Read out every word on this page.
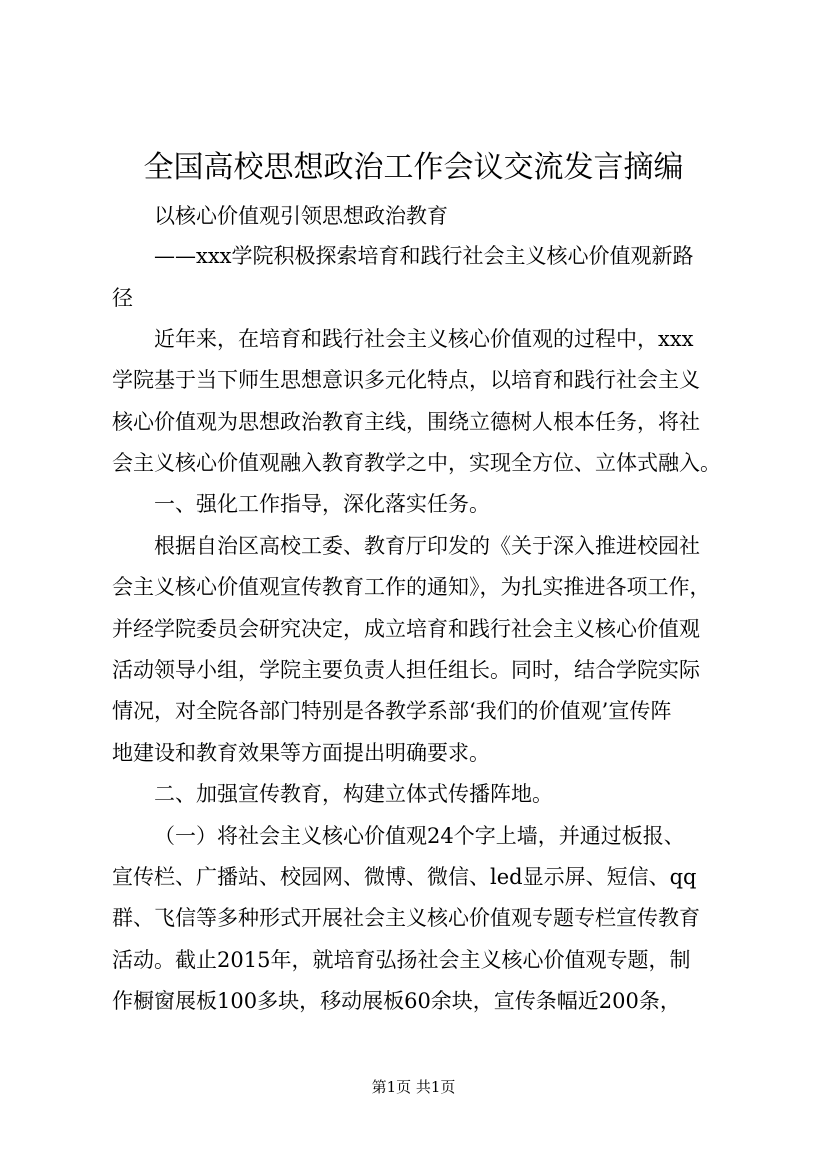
全国高校思想政治工作会议交流发言摘编

以核心价值观引领思想政治教育

——xxx学院积极探索培育和践行社会主义核心价值观新路

径

近年来，在培育和践行社会主义核心价值观的过程中，xxx

学院基于当下师生思想意识多元化特点，以培育和践行社会主义

核心价值观为思想政治教育主线，围绕立德树人根本任务，将社

会主义核心价值观融入教育教学之中，实现全方位、立体式融入。

一、强化工作指导，深化落实任务。

根据自治区高校工委、教育厅印发的《关于深入推进校园社

会主义核心价值观宣传教育工作的通知》，为扎实推进各项工作，

并经学院委员会研究决定，成立培育和践行社会主义核心价值观

活动领导小组，学院主要负责人担任组长。同时，结合学院实际

情况，对全院各部门特别是各教学系部‘我们的价值观’宣传阵

地建设和教育效果等方面提出明确要求。

二、加强宣传教育，构建立体式传播阵地。

（一）将社会主义核心价值观24个字上墙，并通过板报、

宣传栏、广播站、校园网、微博、微信、led显示屏、短信、qq

群、飞信等多种形式开展社会主义核心价值观专题专栏宣传教育

活动。截止2015年，就培育弘扬社会主义核心价值观专题，制

作橱窗展板100多块，移动展板60余块，宣传条幅近200条，

第1页 共1页
